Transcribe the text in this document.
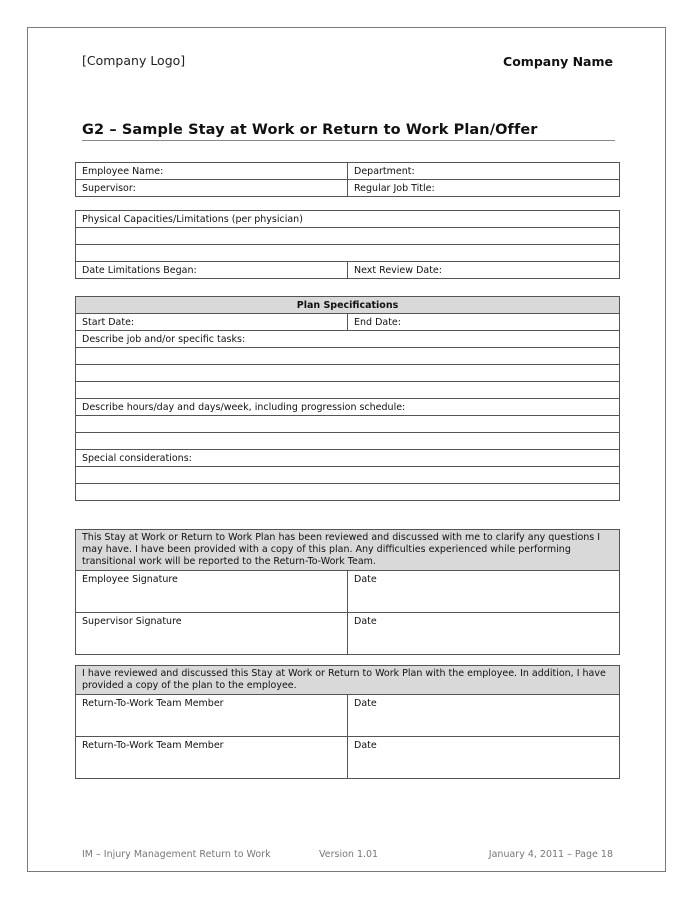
[Company Logo]	Company Name
G2 – Sample Stay at Work or Return to Work Plan/Offer
Employee Name:	Department:
Supervisor:	Regular Job Title:
Physical Capacities/Limitations (per physician)

Date Limitations Began:	Next Review Date:
Plan Specifications
Start Date:	End Date:
Describe job and/or specific tasks:

Describe hours/day and days/week, including progression schedule:

Special considerations:

This Stay at Work or Return to Work Plan has been reviewed and discussed with me to clarify any questions I may have. I have been provided with a copy of this plan. Any difficulties experienced while performing transitional work will be reported to the Return-To-Work Team.	
Employee Signature	Date
Supervisor Signature	Date
I have reviewed and discussed this Stay at Work or Return to Work Plan with the employee. In addition, I have provided a copy of the plan to the employee.	
Return-To-Work Team Member	Date
Return-To-Work Team Member	Date
IM – Injury Management Return to Work	Version 1.01	January 4, 2011 – Page 18
